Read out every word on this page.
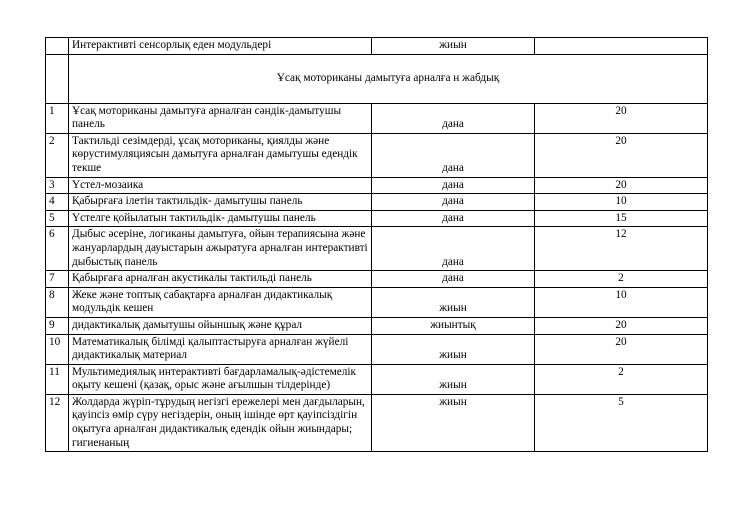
	Интерактивті сенсорлық еден модульдері	жиын	
	Ұсақ моториканы дамытуға арналға н жабдық		
1	Ұсақ моториканы дамытуға арналған сәндік-дамытушы панель	дана	20
2	Тактильді сезімдерді, ұсақ моториканы, қиялды және көрустимуляциясын дамытуға арналған дамытушы едендік текше	дана	20
3	Үстел-мозаика	дана	20
4	Қабырғаға ілетін тактильдік- дамытушы панель	дана	10
5	Үстелге қойылатын тактильдік- дамытушы панель	дана	15
6	Дыбыс әсеріне, логиканы дамытуға, ойын терапиясына және жануарлардың дауыстарын ажыратуға арналған интерактивті дыбыстық панель	дана	12
7	Қабырғаға арналған акустикалы тактильді панель	дана	2
8	Жеке және топтық сабақтарға арналған дидактикалық модульдік кешен	жиын	10
9	дидактикалық дамытушы ойыншық және құрал	жиынтық	20
10	Математикалық білімді қалыптастыруға арналған жүйелі дидактикалық материал	жиын	20
11	Мультимедиялық интерактивті бағдарламалық-әдістемелік оқыту кешені (қазақ, орыс және ағылшын тілдерінде)	жиын	2
12	Жолдарда жүріп-тұрудың негізгі ережелері мен дағдыларын, қауіпсіз өмір сүру негіздерін, оның ішінде өрт қауіпсіздігін оқытуға арналған дидактикалық едендік ойын жиындары; гигиенаның	жиын	5
